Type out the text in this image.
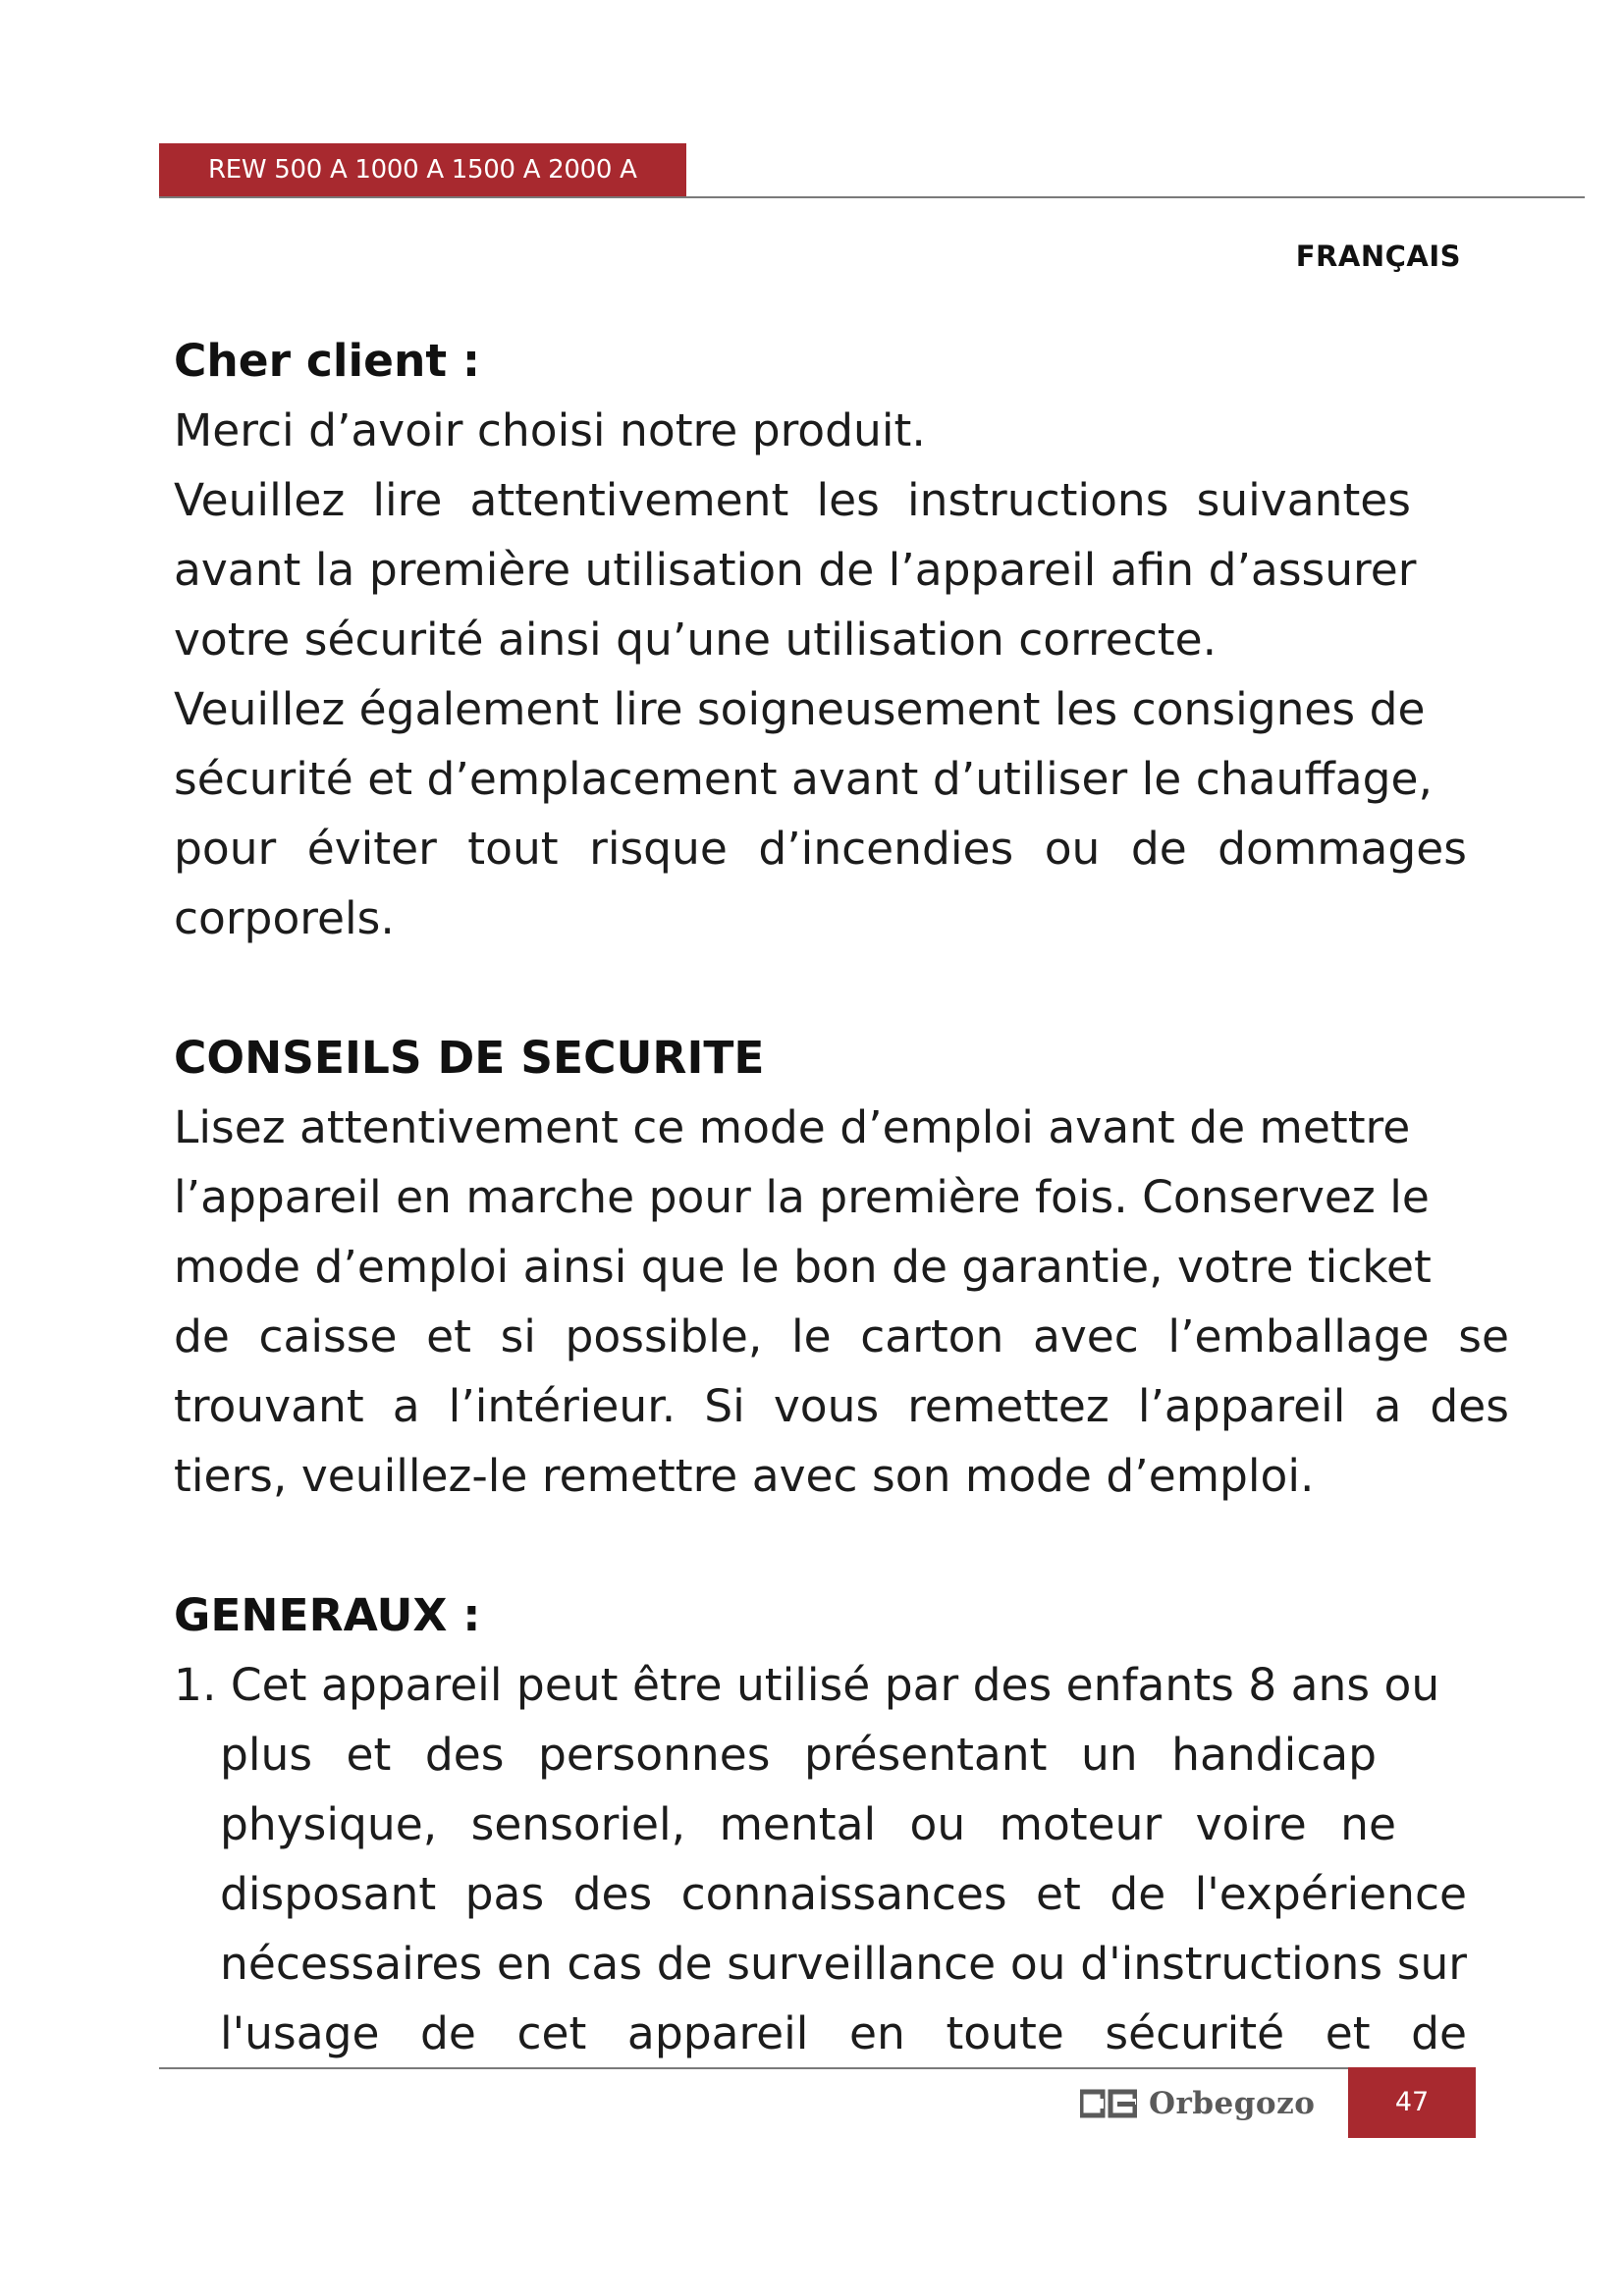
REW 500 A 1000 A 1500 A 2000 A
FRANÇAIS

Cher client :

Merci d’avoir choisi notre produit.

Veuillez lire attentivement les instructions suivantes

avant la première utilisation de l’appareil afin d’assurer

votre sécurité ainsi qu’une utilisation correcte.

Veuillez également lire soigneusement les consignes de

sécurité et d’emplacement avant d’utiliser le chauffage,

pour éviter tout risque d’incendies ou de dommages

corporels.

CONSEILS DE SECURITE

Lisez attentivement ce mode d’emploi avant de mettre

l’appareil en marche pour la première fois. Conservez le

mode d’emploi ainsi que le bon de garantie, votre ticket

de caisse et si possible, le carton avec l’emballage se

trouvant a l’intérieur. Si vous remettez l’appareil a des

tiers, veuillez-le remettre avec son mode d’emploi.

GENERAUX :

1. Cet appareil peut être utilisé par des enfants 8 ans ou

plus et des personnes présentant un handicap

physique, sensoriel, mental ou moteur voire ne

disposant pas des connaissances et de l'expérience

nécessaires en cas de surveillance ou d'instructions sur

l'usage de cet appareil en toute sécurité et de

Orbegozo	47
